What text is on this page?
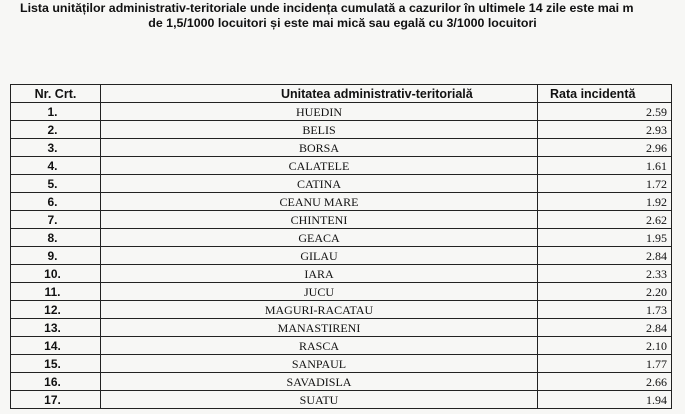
Lista unităților administrativ-teritoriale unde incidența cumulată a cazurilor în ultimele 14 zile este mai m
de 1,5/1000 locuitori și este mai mică sau egală cu 3/1000 locuitori
Nr. Crt.	Unitatea administrativ-teritorială	Rata incidentă
1.	HUEDIN	2.59
2.	BELIS	2.93
3.	BORSA	2.96
4.	CALATELE	1.61
5.	CATINA	1.72
6.	CEANU MARE	1.92
7.	CHINTENI	2.62
8.	GEACA	1.95
9.	GILAU	2.84
10.	IARA	2.33
11.	JUCU	2.20
12.	MAGURI-RACATAU	1.73
13.	MANASTIRENI	2.84
14.	RASCA	2.10
15.	SANPAUL	1.77
16.	SAVADISLA	2.66
17.	SUATU	1.94
